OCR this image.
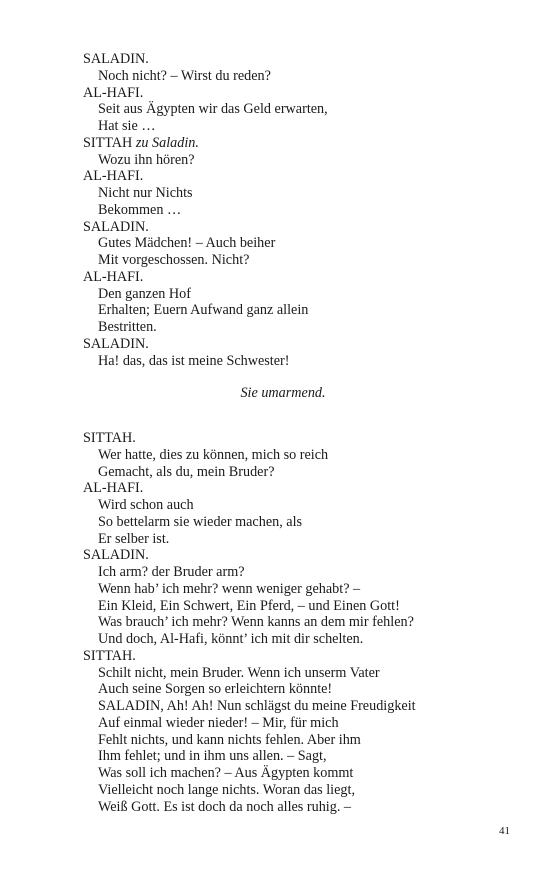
SALADIN.
Noch nicht? – Wirst du reden?
AL-HAFI.
Seit aus Ägypten wir das Geld erwarten,
Hat sie …
SITTAH zu Saladin.
Wozu ihn hören?
AL-HAFI.
Nicht nur Nichts
Bekommen …
SALADIN.
Gutes Mädchen! – Auch beiher
Mit vorgeschossen. Nicht?
AL-HAFI.
Den ganzen Hof
Erhalten; Euern Aufwand ganz allein
Bestritten.
SALADIN.
Ha! das, das ist meine Schwester!
Sie umarmend.
SITTAH.
Wer hatte, dies zu können, mich so reich
Gemacht, als du, mein Bruder?
AL-HAFI.
Wird schon auch
So bettelarm sie wieder machen, als
Er selber ist.
SALADIN.
Ich arm? der Bruder arm?
Wenn hab’ ich mehr? wenn weniger gehabt? –
Ein Kleid, Ein Schwert, Ein Pferd, – und Einen Gott!
Was brauch’ ich mehr? Wenn kanns an dem mir fehlen?
Und doch, Al-Hafi, könnt’ ich mit dir schelten.
SITTAH.
Schilt nicht, mein Bruder. Wenn ich unserm Vater
Auch seine Sorgen so erleichtern könnte!
SALADIN, Ah! Ah! Nun schlägst du meine Freudigkeit
Auf einmal wieder nieder! – Mir, für mich
Fehlt nichts, und kann nichts fehlen. Aber ihm
Ihm fehlet; und in ihm uns allen. – Sagt,
Was soll ich machen? – Aus Ägypten kommt
Vielleicht noch lange nichts. Woran das liegt,
Weiß Gott. Es ist doch da noch alles ruhig. –
41
